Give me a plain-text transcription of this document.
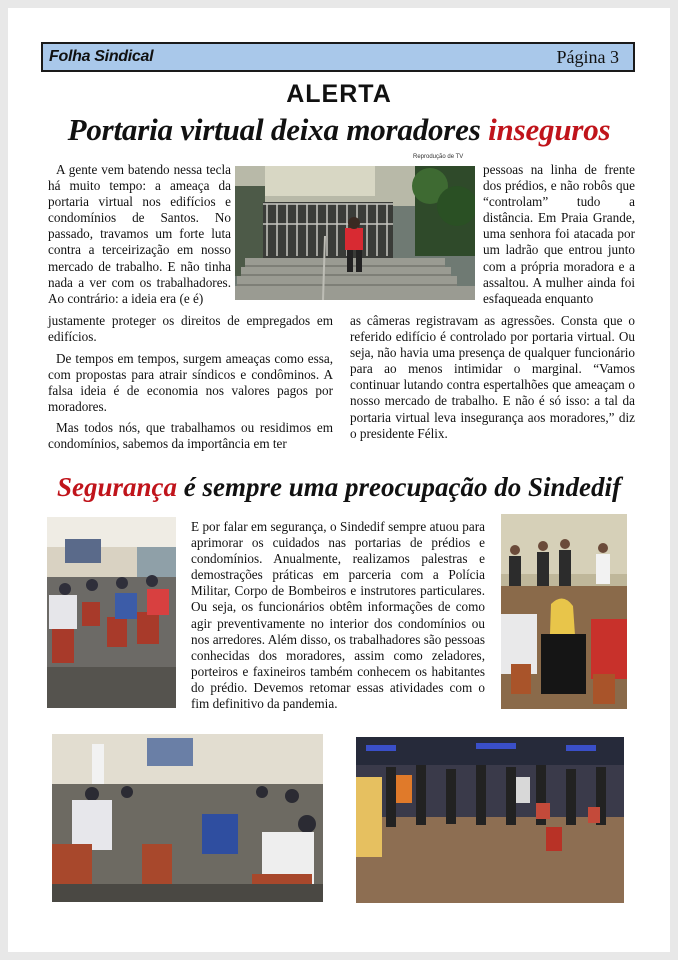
Folha Sindical	Página 3
ALERTA
Portaria virtual deixa moradores inseguros

A gente vem batendo nessa tecla há muito tempo: a ameaça da portaria virtual nos edifícios e condomínios de Santos. No passado, travamos um forte luta contra a terceirização em nosso mercado de trabalho. E não tinha nada a ver com os trabalhadores. Ao contrário: a ideia era (e é)

justamente proteger os direitos de empregados em edifícios.

De tempos em tempos, surgem ameaças como essa, com propostas para atrair síndicos e condôminos. A falsa ideia é de economia nos valores pagos por moradores.

Mas todos nós, que trabalhamos ou residimos em condomínios, sabemos da importância em ter

pessoas na linha de frente dos prédios, e não robôs que “controlam” tudo a distância. Em Praia Grande, uma senhora foi atacada por um ladrão que entrou junto com a própria moradora e a assaltou. A mulher ainda foi esfaqueada enquanto

as câmeras registravam as agressões. Consta que o referido edifício é controlado por portaria virtual. Ou seja, não havia uma presença de qualquer funcionário para ao menos intimidar o marginal. “Vamos continuar lutando contra espertalhões que ameaçam o nosso mercado de trabalho. E não é só isso: a tal da portaria virtual leva insegurança aos moradores,” diz o presidente Félix.

Reprodução de TV
Segurança é sempre uma preocupação do Sindedif

E por falar em segurança, o Sindedif sempre atuou para aprimorar os cuidados nas portarias de prédios e condomínios. Anualmente, realizamos palestras e demostrações práticas em parceria com a Polícia Militar, Corpo de Bombeiros e instrutores particulares. Ou seja, os funcionários obtêm informações de como agir preventivamente no interior dos condomínios ou nos arredores. Além disso, os trabalhadores são pessoas conhecidas dos moradores, assim como zeladores, porteiros e faxineiros também conhecem os habitantes do prédio. Devemos retomar essas atividades com o fim definitivo da pandemia.
